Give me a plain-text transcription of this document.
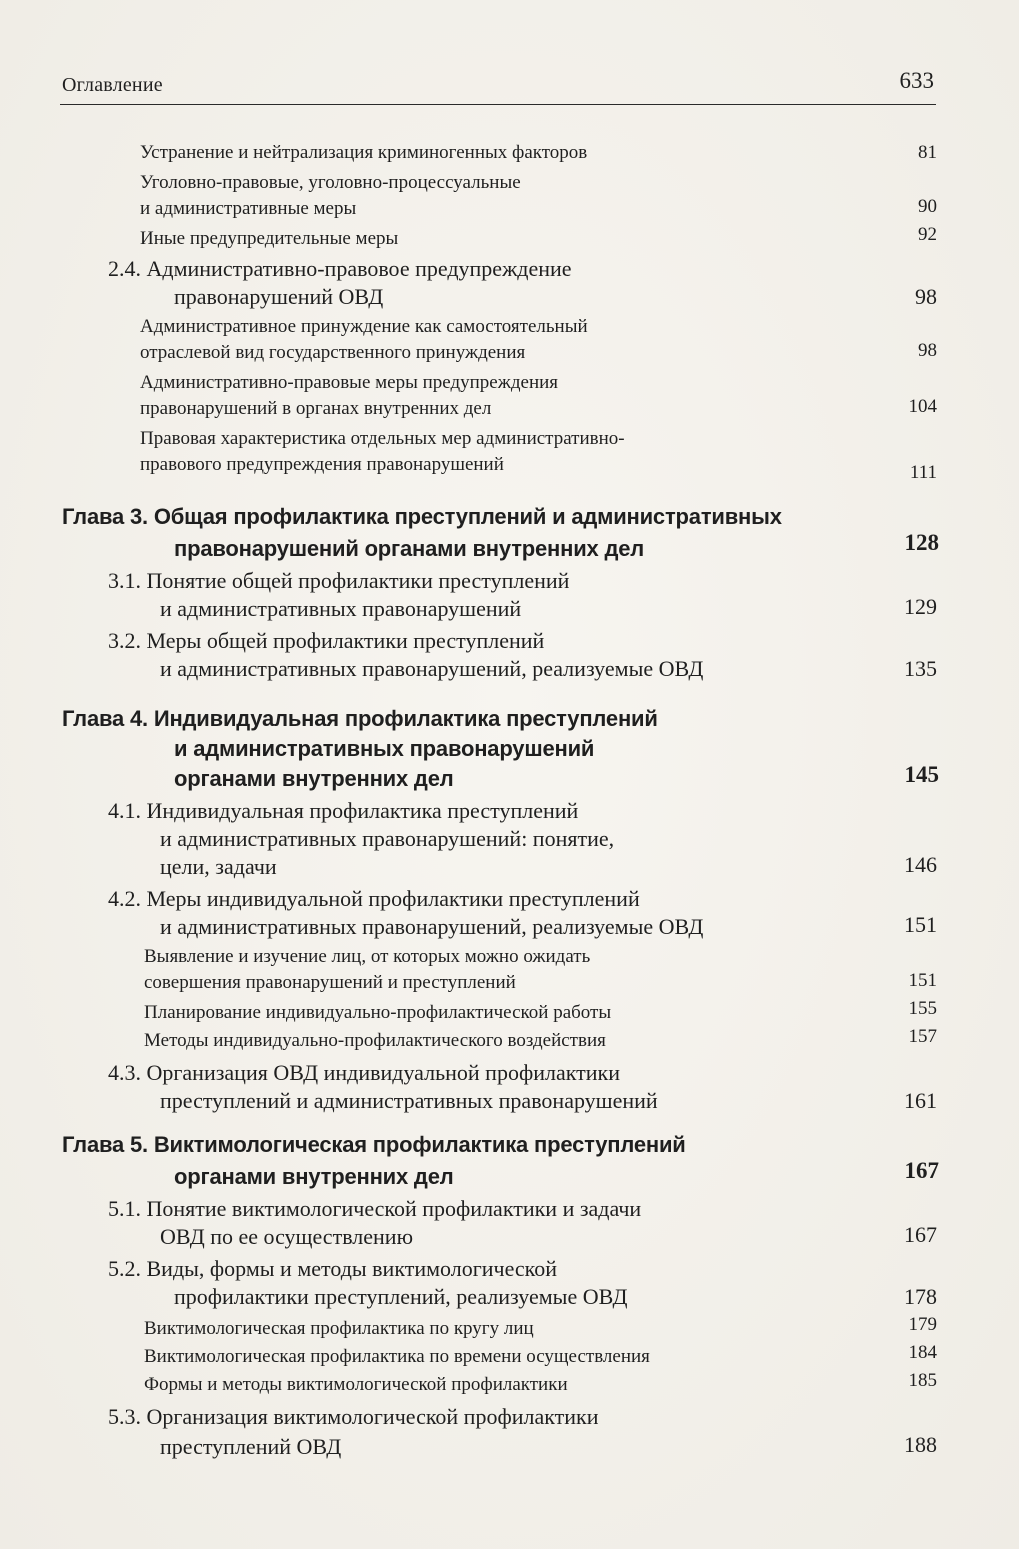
Оглавление	633
Устранение и нейтрализация криминогенных факторов	81
Уголовно-правовые, уголовно-процессуальные
и административные меры	90
Иные предупредительные меры	92
2.4. Административно-правовое предупреждение
правонарушений ОВД	98
Административное принуждение как самостоятельный
отраслевой вид государственного принуждения	98
Административно-правовые меры предупреждения
правонарушений в органах внутренних дел	104
Правовая характеристика отдельных мер административно-
правового предупреждения правонарушений	111
Глава 3. Общая профилактика преступлений и административных
правонарушений органами внутренних дел	128
3.1. Понятие общей профилактики преступлений
и административных правонарушений	129
3.2. Меры общей профилактики преступлений
и административных правонарушений, реализуемые ОВД	135
Глава 4. Индивидуальная профилактика преступлений
и административных правонарушений
органами внутренних дел	145
4.1. Индивидуальная профилактика преступлений
и административных правонарушений: понятие,
цели, задачи	146
4.2. Меры индивидуальной профилактики преступлений
и административных правонарушений, реализуемые ОВД	151
Выявление и изучение лиц, от которых можно ожидать
совершения правонарушений и преступлений	151
Планирование индивидуально-профилактической работы	155
Методы индивидуально-профилактического воздействия	157
4.3. Организация ОВД индивидуальной профилактики
преступлений и административных правонарушений	161
Глава 5. Виктимологическая профилактика преступлений
органами внутренних дел	167
5.1. Понятие виктимологической профилактики и задачи
ОВД по ее осуществлению	167
5.2. Виды, формы и методы виктимологической
профилактики преступлений, реализуемые ОВД	178
Виктимологическая профилактика по кругу лиц	179
Виктимологическая профилактика по времени осуществления	184
Формы и методы виктимологической профилактики	185
5.3. Организация виктимологической профилактики
преступлений ОВД	188
